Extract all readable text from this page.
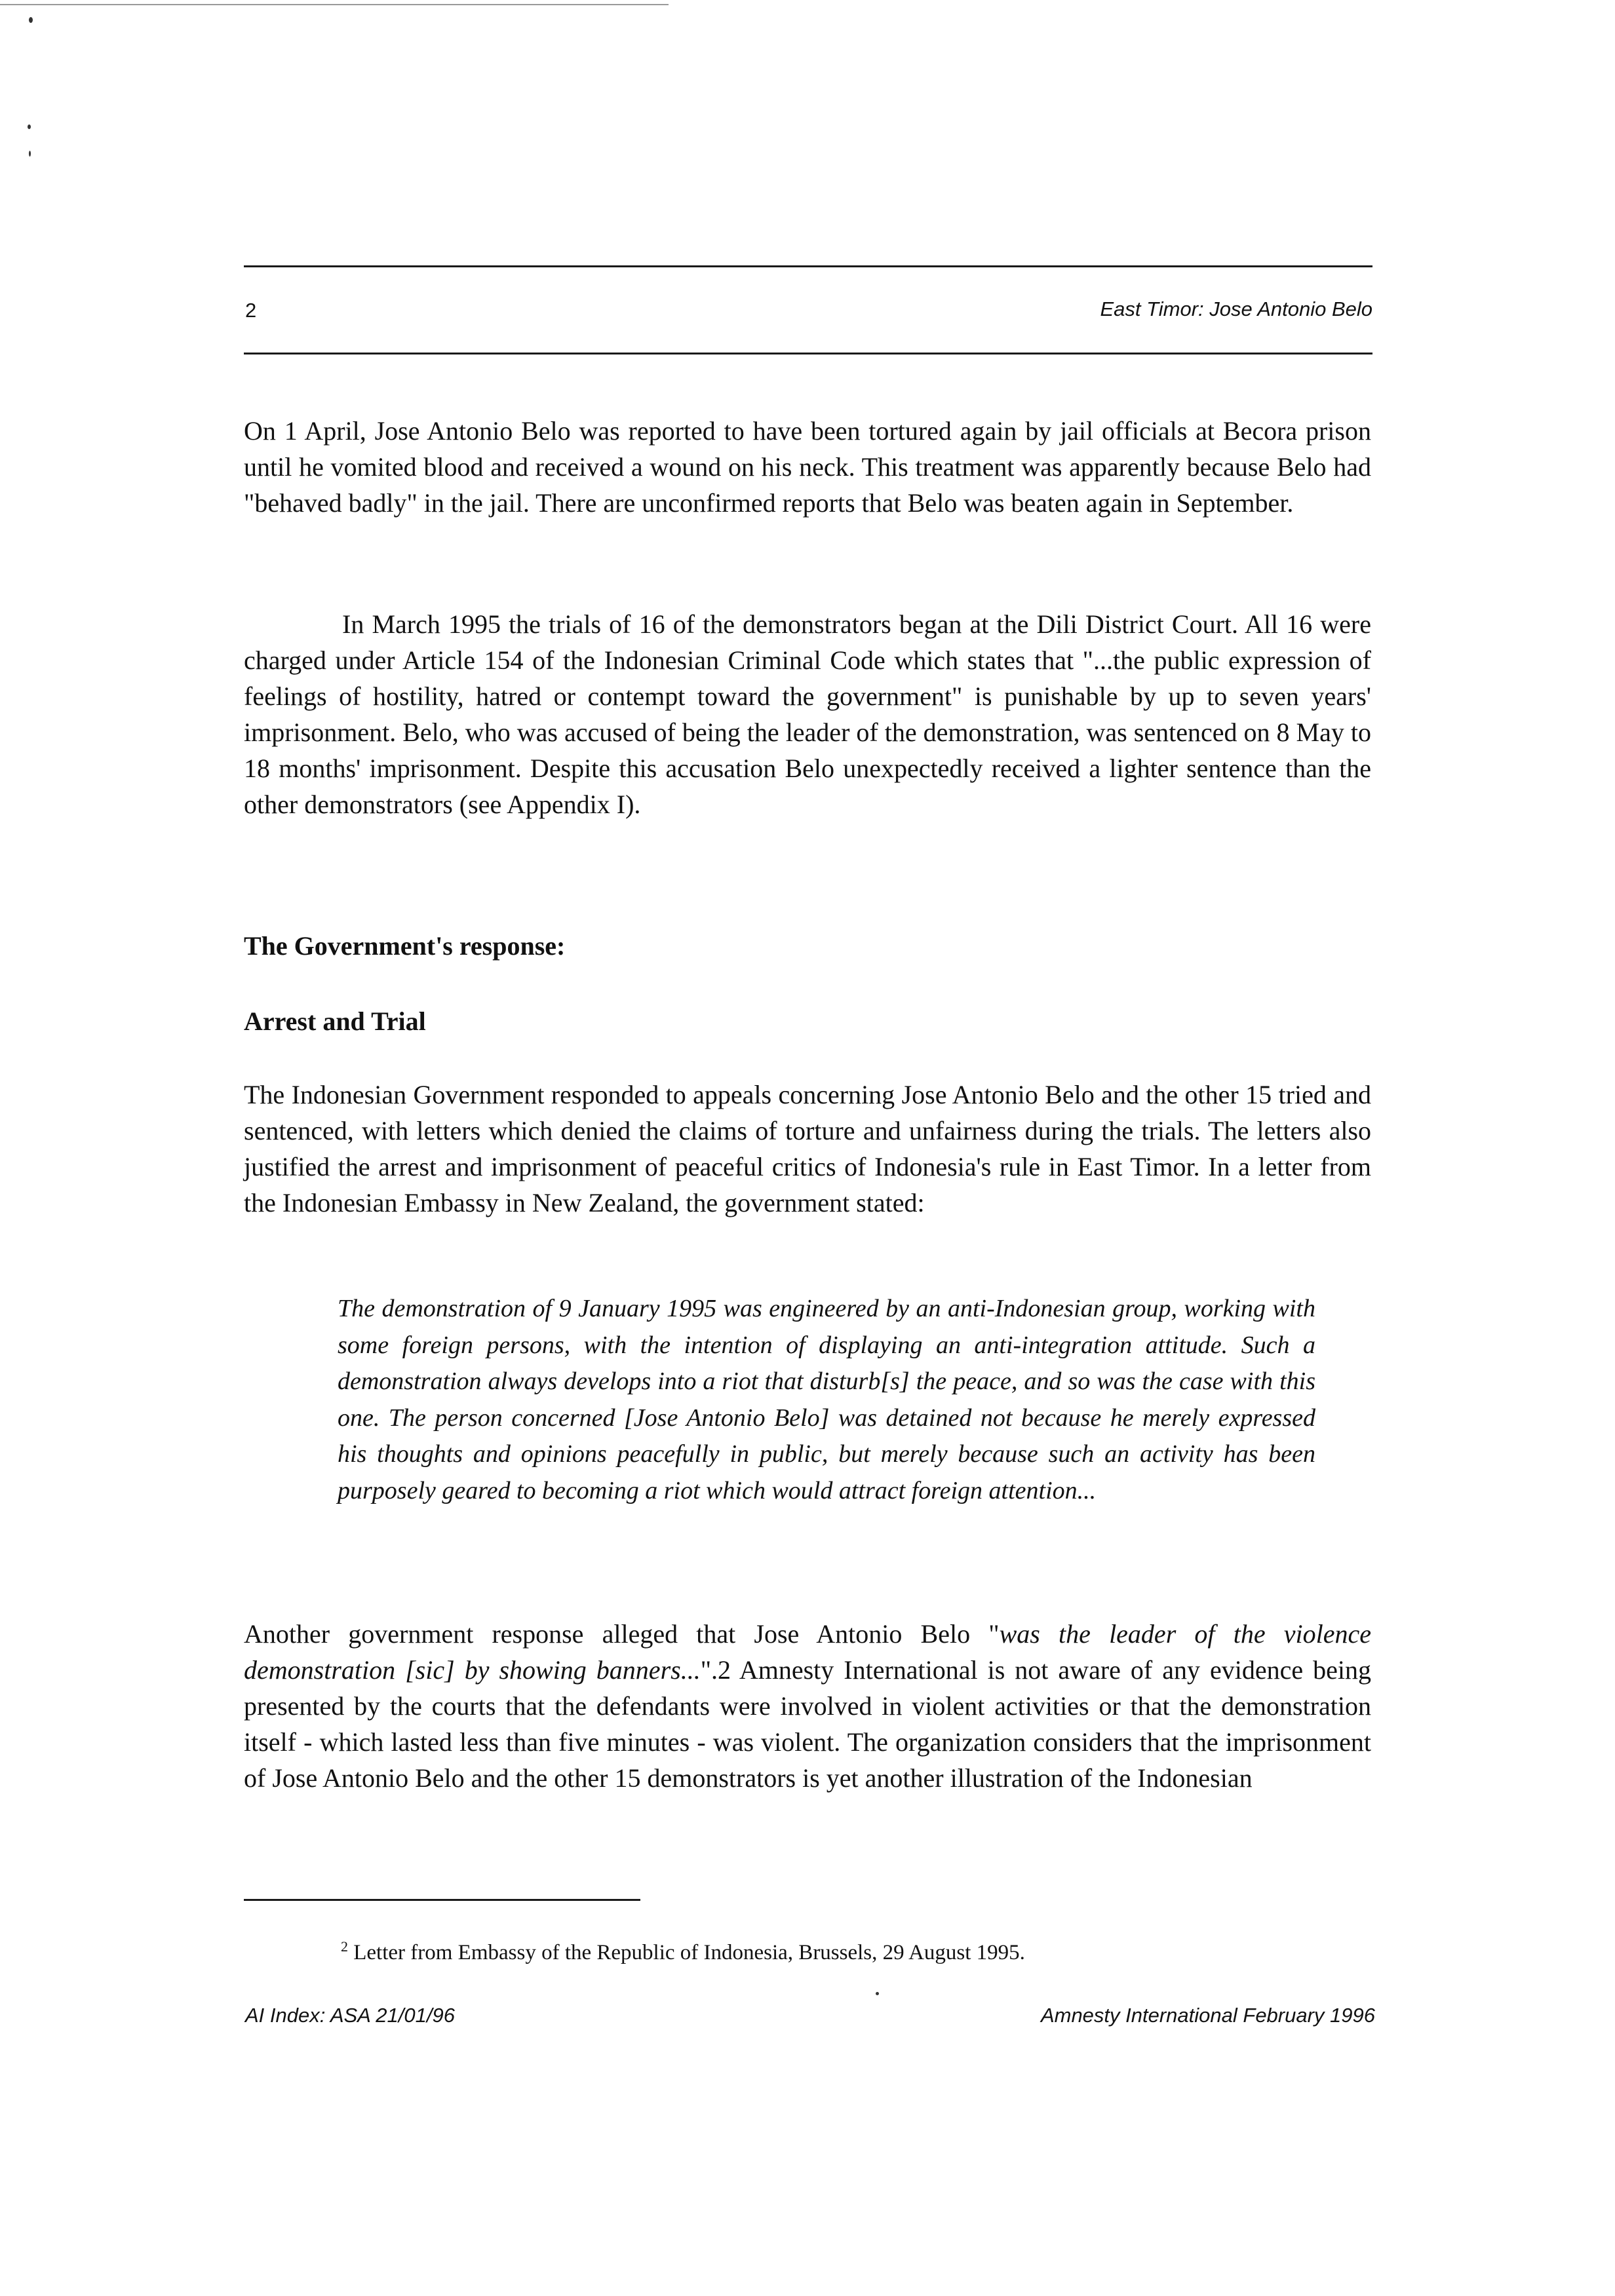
2	East Timor: Jose Antonio Belo

On 1 April, Jose Antonio Belo was reported to have been tortured again by jail officials at Becora prison until he vomited blood and received a wound on his neck. This treatment was apparently because Belo had "behaved badly" in the jail. There are unconfirmed reports that Belo was beaten again in September.

In March 1995 the trials of 16 of the demonstrators began at the Dili District Court. All 16 were charged under Article 154 of the Indonesian Criminal Code which states that "...the public expression of feelings of hostility, hatred or contempt toward the government" is punishable by up to seven years' imprisonment. Belo, who was accused of being the leader of the demonstration, was sentenced on 8 May to 18 months' imprisonment. Despite this accusation Belo unexpectedly received a lighter sentence than the other demonstrators (see Appendix I).

The Government's response:
Arrest and Trial

The Indonesian Government responded to appeals concerning Jose Antonio Belo and the other 15 tried and sentenced, with letters which denied the claims of torture and unfairness during the trials. The letters also justified the arrest and imprisonment of peaceful critics of Indonesia's rule in East Timor. In a letter from the Indonesian Embassy in New Zealand, the government stated:

The demonstration of 9 January 1995 was engineered by an anti-Indonesian group, working with some foreign persons, with the intention of displaying an anti-integration attitude. Such a demonstration always develops into a riot that disturb[s] the peace, and so was the case with this one. The person concerned [Jose Antonio Belo] was detained not because he merely expressed his thoughts and opinions peacefully in public, but merely because such an activity has been purposely geared to becoming a riot which would attract foreign attention...

Another government response alleged that Jose Antonio Belo "was the leader of the violence demonstration [sic] by showing banners...".2 Amnesty International is not aware of any evidence being presented by the courts that the defendants were involved in violent activities or that the demonstration itself - which lasted less than five minutes - was violent. The organization considers that the imprisonment of Jose Antonio Belo and the other 15 demonstrators is yet another illustration of the Indonesian

$^2$ Letter from Embassy of the Republic of Indonesia, Brussels, 29 August 1995.
AI Index: ASA 21/01/96	Amnesty International February 1996
